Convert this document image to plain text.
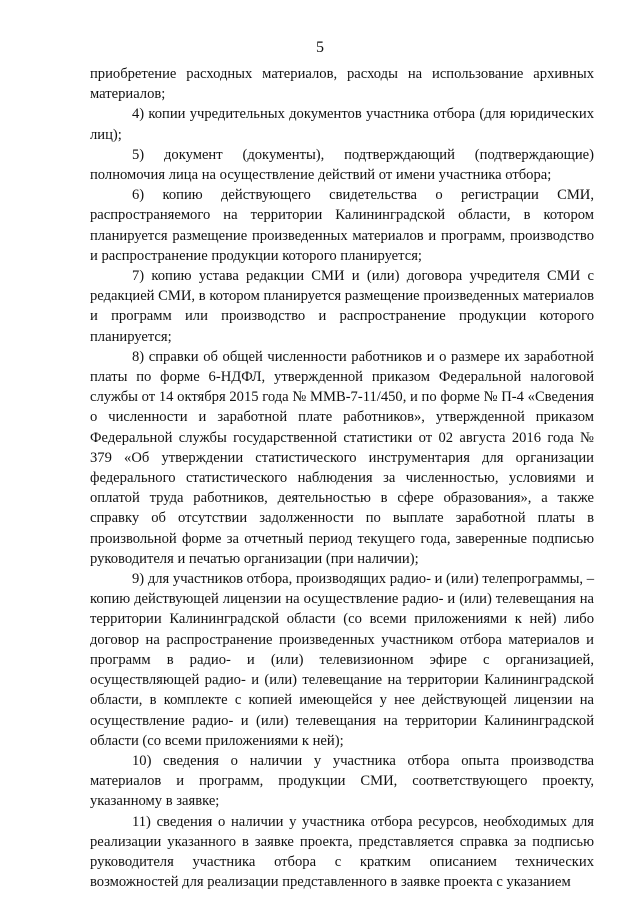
5

приобретение расходных материалов, расходы на использование архивных материалов;

4) копии учредительных документов участника отбора (для юридических лиц);

5) документ (документы), подтверждающий (подтверждающие) полномочия лица на осуществление действий от имени участника отбора;

6) копию действующего свидетельства о регистрации СМИ, распространяемого на территории Калининградской области, в котором планируется размещение произведенных материалов и программ, производство и распространение продукции которого планируется;

7) копию устава редакции СМИ и (или) договора учредителя СМИ с редакцией СМИ, в котором планируется размещение произведенных материалов и программ или производство и распространение продукции которого планируется;

8) справки об общей численности работников и о размере их заработной платы по форме 6-НДФЛ, утвержденной приказом Федеральной налоговой службы от 14 октября 2015 года № ММВ-7-11/450, и по форме № П-4 «Сведения о численности и заработной плате работников», утвержденной приказом Федеральной службы государственной статистики от 02 августа 2016 года № 379 «Об утверждении статистического инструментария для организации федерального статистического наблюдения за численностью, условиями и оплатой труда работников, деятельностью в сфере образования», а также справку об отсутствии задолженности по выплате заработной платы в произвольной форме за отчетный период текущего года, заверенные подписью руководителя и печатью организации (при наличии);

9) для участников отбора, производящих радио- и (или) телепрограммы, – копию действующей лицензии на осуществление радио- и (или) телевещания на территории Калининградской области (со всеми приложениями к ней) либо договор на распространение произведенных участником отбора материалов и программ в радио- и (или) телевизионном эфире с организацией, осуществляющей радио- и (или) телевещание на территории Калининградской области, в комплекте с копией имеющейся у нее действующей лицензии на осуществление радио- и (или) телевещания на территории Калининградской области (со всеми приложениями к ней);

10) сведения о наличии у участника отбора опыта производства материалов и программ, продукции СМИ, соответствующего проекту, указанному в заявке;

11) сведения о наличии у участника отбора ресурсов, необходимых для реализации указанного в заявке проекта, представляется справка за подписью руководителя участника отбора с кратким описанием технических возможностей для реализации представленного в заявке проекта с указанием
